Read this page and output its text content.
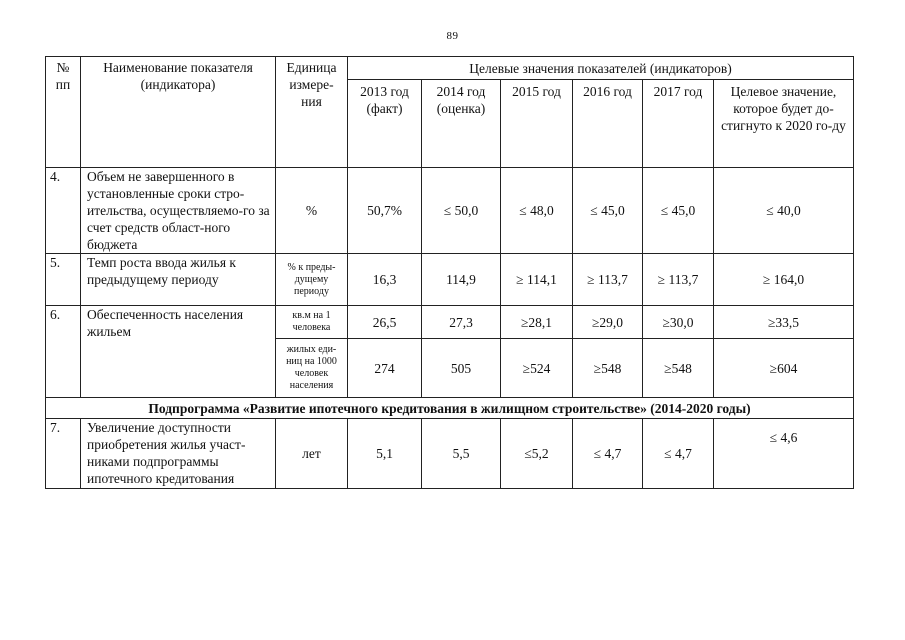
89
№ пп	Наименование показателя (индикатора)	Единица измере-ния	Целевые значения показателей (индикаторов)					
			2013 год (факт)	2014 год (оценка)	2015 год	2016 год	2017 год	Целевое значение, которое будет до-стигнуто к 2020 го-ду
4.	Объем не завершенного в установленные сроки стро-ительства, осуществляемо-го за счет средств област-ного бюджета	%	50,7%	≤ 50,0	≤ 48,0	≤ 45,0	≤ 45,0	≤ 40,0
5.	Темп роста ввода жилья к предыдущему периоду	% к преды-дущему периоду	16,3	114,9	≥ 114,1	≥ 113,7	≥ 113,7	≥ 164,0
6.	Обеспеченность населения жильем	кв.м на 1 человека	26,5	27,3	≥28,1	≥29,0	≥30,0	≥33,5
		жилых еди-ниц на 1000 человек населения	274	505	≥524	≥548	≥548	≥604
Подпрограмма «Развитие ипотечного кредитования в жилищном строительстве» (2014-2020 годы)								
7.	Увеличение доступности приобретения жилья участ-никами подпрограммы ипотечного кредитования	лет	5,1	5,5	≤5,2	≤ 4,7	≤ 4,7	≤ 4,6
